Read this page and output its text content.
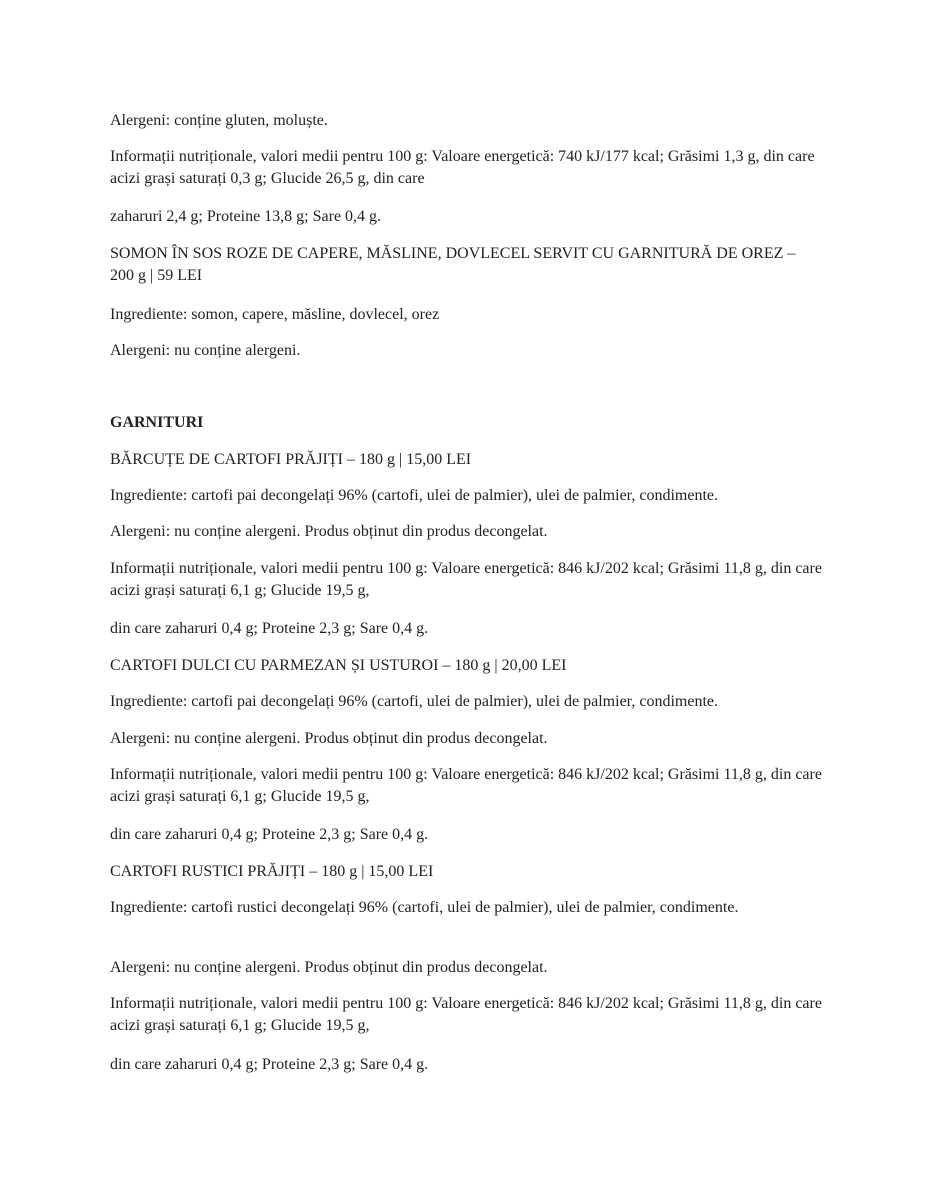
Alergeni: conține gluten, moluște.

Informații nutriționale, valori medii pentru 100 g: Valoare energetică: 740 kJ/177 kcal; Grăsimi 1,3 g, din care acizi grași saturați 0,3 g; Glucide 26,5 g, din care

zaharuri 2,4 g; Proteine 13,8 g; Sare 0,4 g.

SOMON ÎN SOS ROZE DE CAPERE, MĂSLINE, DOVLECEL SERVIT CU GARNITURĂ DE OREZ – 200 g | 59 LEI

Ingrediente: somon, capere, măsline, dovlecel, orez

Alergeni: nu conține alergeni.

GARNITURI

BĂRCUȚE DE CARTOFI PRĂJIȚI – 180 g | 15,00 LEI

Ingrediente: cartofi pai decongelați 96% (cartofi, ulei de palmier), ulei de palmier, condimente.

Alergeni: nu conține alergeni. Produs obținut din produs decongelat.

Informații nutriționale, valori medii pentru 100 g: Valoare energetică: 846 kJ/202 kcal; Grăsimi 11,8 g, din care acizi grași saturați 6,1 g; Glucide 19,5 g,

din care zaharuri 0,4 g; Proteine 2,3 g; Sare 0,4 g.

CARTOFI DULCI CU PARMEZAN ȘI USTUROI – 180 g | 20,00 LEI

Ingrediente: cartofi pai decongelați 96% (cartofi, ulei de palmier), ulei de palmier, condimente.

Alergeni: nu conține alergeni. Produs obținut din produs decongelat.

Informații nutriționale, valori medii pentru 100 g: Valoare energetică: 846 kJ/202 kcal; Grăsimi 11,8 g, din care acizi grași saturați 6,1 g; Glucide 19,5 g,

din care zaharuri 0,4 g; Proteine 2,3 g; Sare 0,4 g.

CARTOFI RUSTICI PRĂJIȚI – 180 g | 15,00 LEI

Ingrediente: cartofi rustici decongelați 96% (cartofi, ulei de palmier), ulei de palmier, condimente.

Alergeni: nu conține alergeni. Produs obținut din produs decongelat.

Informații nutriționale, valori medii pentru 100 g: Valoare energetică: 846 kJ/202 kcal; Grăsimi 11,8 g, din care acizi grași saturați 6,1 g; Glucide 19,5 g,

din care zaharuri 0,4 g; Proteine 2,3 g; Sare 0,4 g.
